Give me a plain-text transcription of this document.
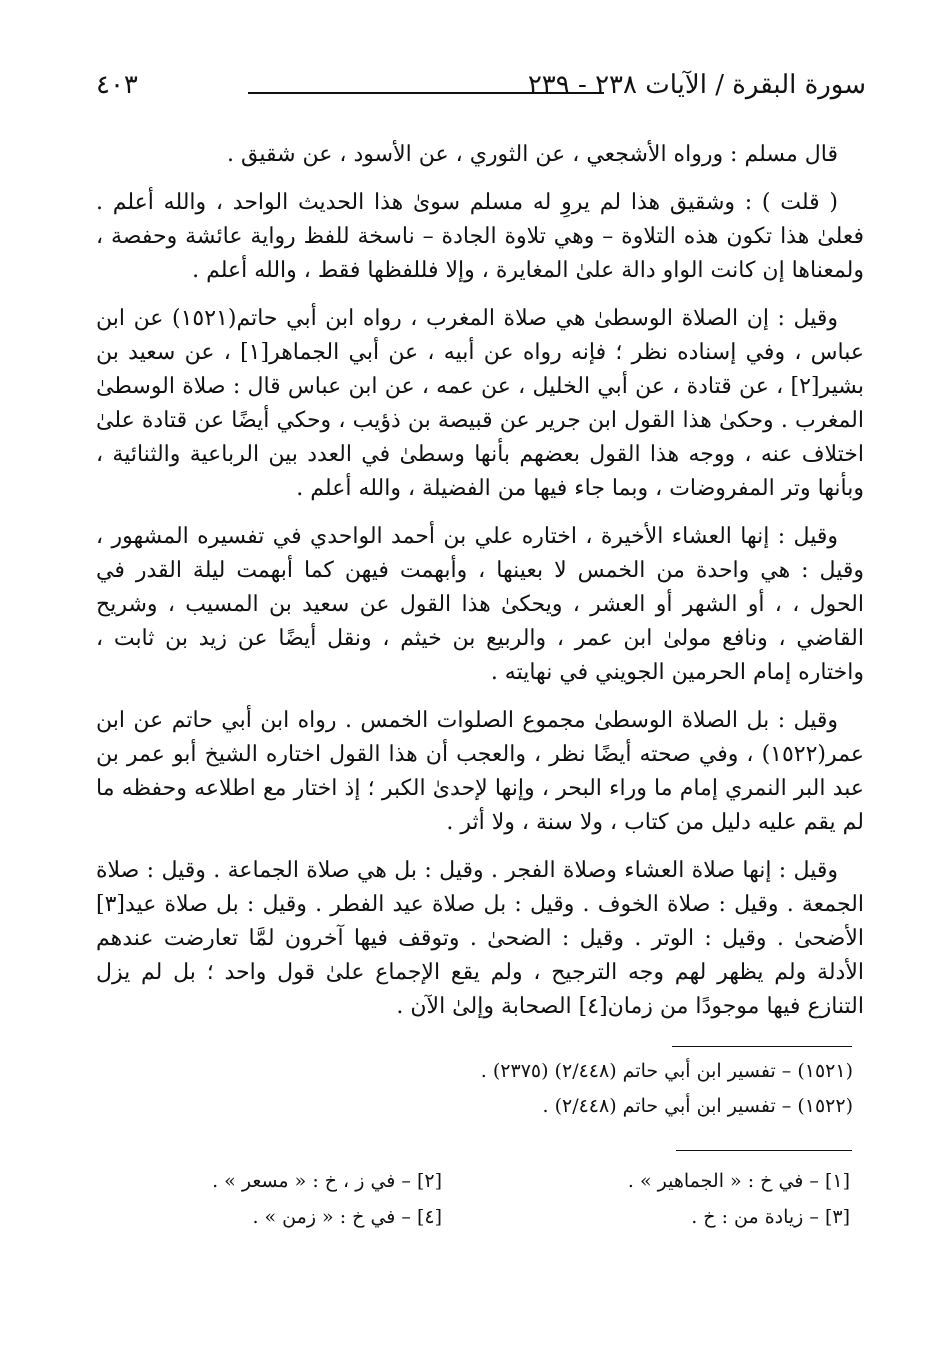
٤٠٣	سورة البقرة / الآيات ٢٣٨ - ٢٣٩

قال مسلم : ورواه الأشجعي ، عن الثوري ، عن الأسود ، عن شقيق .

( قلت ) : وشقيق هذا لم يروِ له مسلم سوىٰ هذا الحديث الواحد ، والله أعلم . فعلىٰ هذا تكون هذه التلاوة – وهي تلاوة الجادة – ناسخة للفظ رواية عائشة وحفصة ، ولمعناها إن كانت الواو دالة علىٰ المغايرة ، وإلا فللفظها فقط ، والله أعلم .

وقيل : إن الصلاة الوسطىٰ هي صلاة المغرب ، رواه ابن أبي حاتم(١٥٢١) عن ابن عباس ، وفي إسناده نظر ؛ فإنه رواه عن أبيه ، عن أبي الجماهر[١] ، عن سعيد بن بشير[٢] ، عن قتادة ، عن أبي الخليل ، عن عمه ، عن ابن عباس قال : صلاة الوسطىٰ المغرب . وحكىٰ هذا القول ابن جرير عن قبيصة بن ذؤيب ، وحكي أيضًا عن قتادة علىٰ اختلاف عنه ، ووجه هذا القول بعضهم بأنها وسطىٰ في العدد بين الرباعية والثنائية ، وبأنها وتر المفروضات ، وبما جاء فيها من الفضيلة ، والله أعلم .

وقيل : إنها العشاء الأخيرة ، اختاره علي بن أحمد الواحدي في تفسيره المشهور ، وقيل : هي واحدة من الخمس لا بعينها ، وأبهمت فيهن كما أبهمت ليلة القدر في الحول ، ، أو الشهر أو العشر ، ويحكىٰ هذا القول عن سعيد بن المسيب ، وشريح القاضي ، ونافع مولىٰ ابن عمر ، والربيع بن خيثم ، ونقل أيضًا عن زيد بن ثابت ، واختاره إمام الحرمين الجويني في نهايته .

وقيل : بل الصلاة الوسطىٰ مجموع الصلوات الخمس . رواه ابن أبي حاتم عن ابن عمر(١٥٢٢) ، وفي صحته أيضًا نظر ، والعجب أن هذا القول اختاره الشيخ أبو عمر بن عبد البر النمري إمام ما وراء البحر ، وإنها لإحدىٰ الكبر ؛ إذ اختار مع اطلاعه وحفظه ما لم يقم عليه دليل من كتاب ، ولا سنة ، ولا أثر .

وقيل : إنها صلاة العشاء وصلاة الفجر . وقيل : بل هي صلاة الجماعة . وقيل : صلاة الجمعة . وقيل : صلاة الخوف . وقيل : بل صلاة عيد الفطر . وقيل : بل صلاة عيد[٣] الأضحىٰ . وقيل : الوتر . وقيل : الضحىٰ . وتوقف فيها آخرون لمَّا تعارضت عندهم الأدلة ولم يظهر لهم وجه الترجيح ، ولم يقع الإجماع علىٰ قول واحد ؛ بل لم يزل التنازع فيها موجودًا من زمان[٤] الصحابة وإلىٰ الآن .

(١٥٢١) – تفسير ابن أبي حاتم (٢/٤٤٨) (٢٣٧٥) .
(١٥٢٢) – تفسير ابن أبي حاتم (٢/٤٤٨) .
[١] – في خ : « الجماهير » .
[٢] – في ز ، خ : « مسعر » .
[٣] – زيادة من : خ .
[٤] – في خ : « زمن » .
